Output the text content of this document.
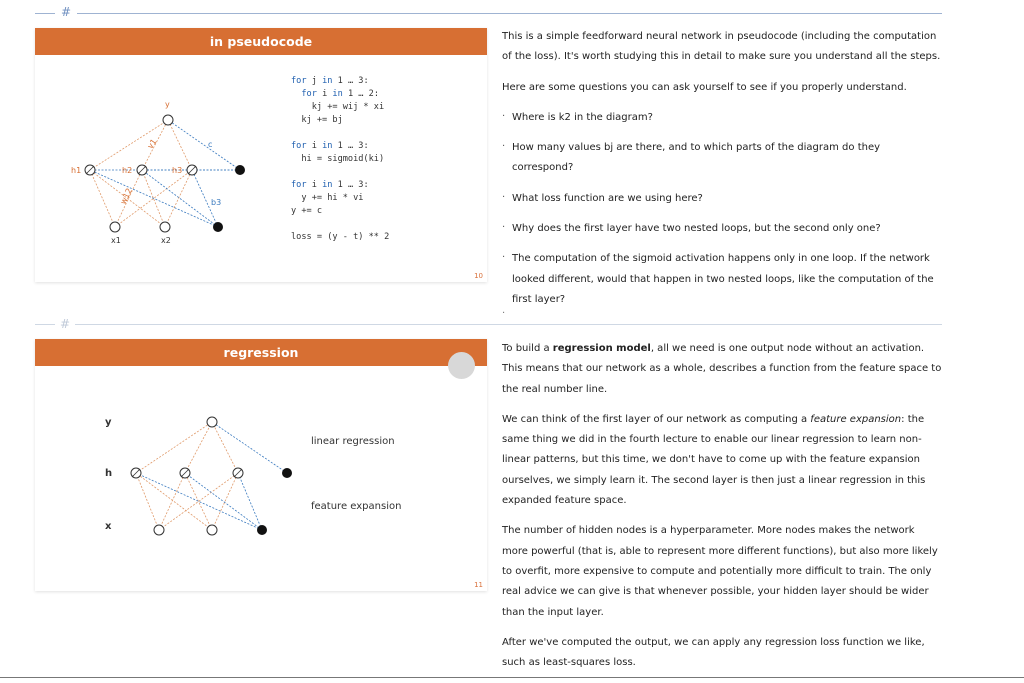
#
in pseudocode
y
c
b3
h1	h2	h3
x1	x2
v1
w12
for j in 1 … 3:
for i in 1 … 2:
kj += wij * xi
kj += bj
for i in 1 … 3:
hi = sigmoid(ki)
for i in 1 … 3:
y += hi * vi
y += c
loss = (y - t) ** 2
10

This is a simple feedforward neural network in pseudocode (including the computation of the loss). It's worth studying this in detail to make sure you understand all the steps.

Here are some questions you can ask yourself to see if you properly understand.

· Where is k2 in the diagram?
· How many values bj are there, and to which parts of the diagram do they correspond?
· What loss function are we using here?
· Why does the first layer have two nested loops, but the second only one?
· The computation of the sigmoid activation happens only in one loop. If the network looked different, would that happen in two nested loops, like the computation of the first layer?
.
#
regression
y
h
x
linear regression
feature expansion
11

To build a regression model, all we need is one output node without an activation. This means that our network as a whole, describes a function from the feature space to the real number line.

We can think of the first layer of our network as computing a feature expansion: the same thing we did in the fourth lecture to enable our linear regression to learn non-linear patterns, but this time, we don't have to come up with the feature expansion ourselves, we simply learn it. The second layer is then just a linear regression in this expanded feature space.

The number of hidden nodes is a hyperparameter. More nodes makes the network more powerful (that is, able to represent more different functions), but also more likely to overfit, more expensive to compute and potentially more difficult to train. The only real advice we can give is that whenever possible, your hidden layer should be wider than the input layer.

After we've computed the output, we can apply any regression loss function we like, such as least-squares loss.
